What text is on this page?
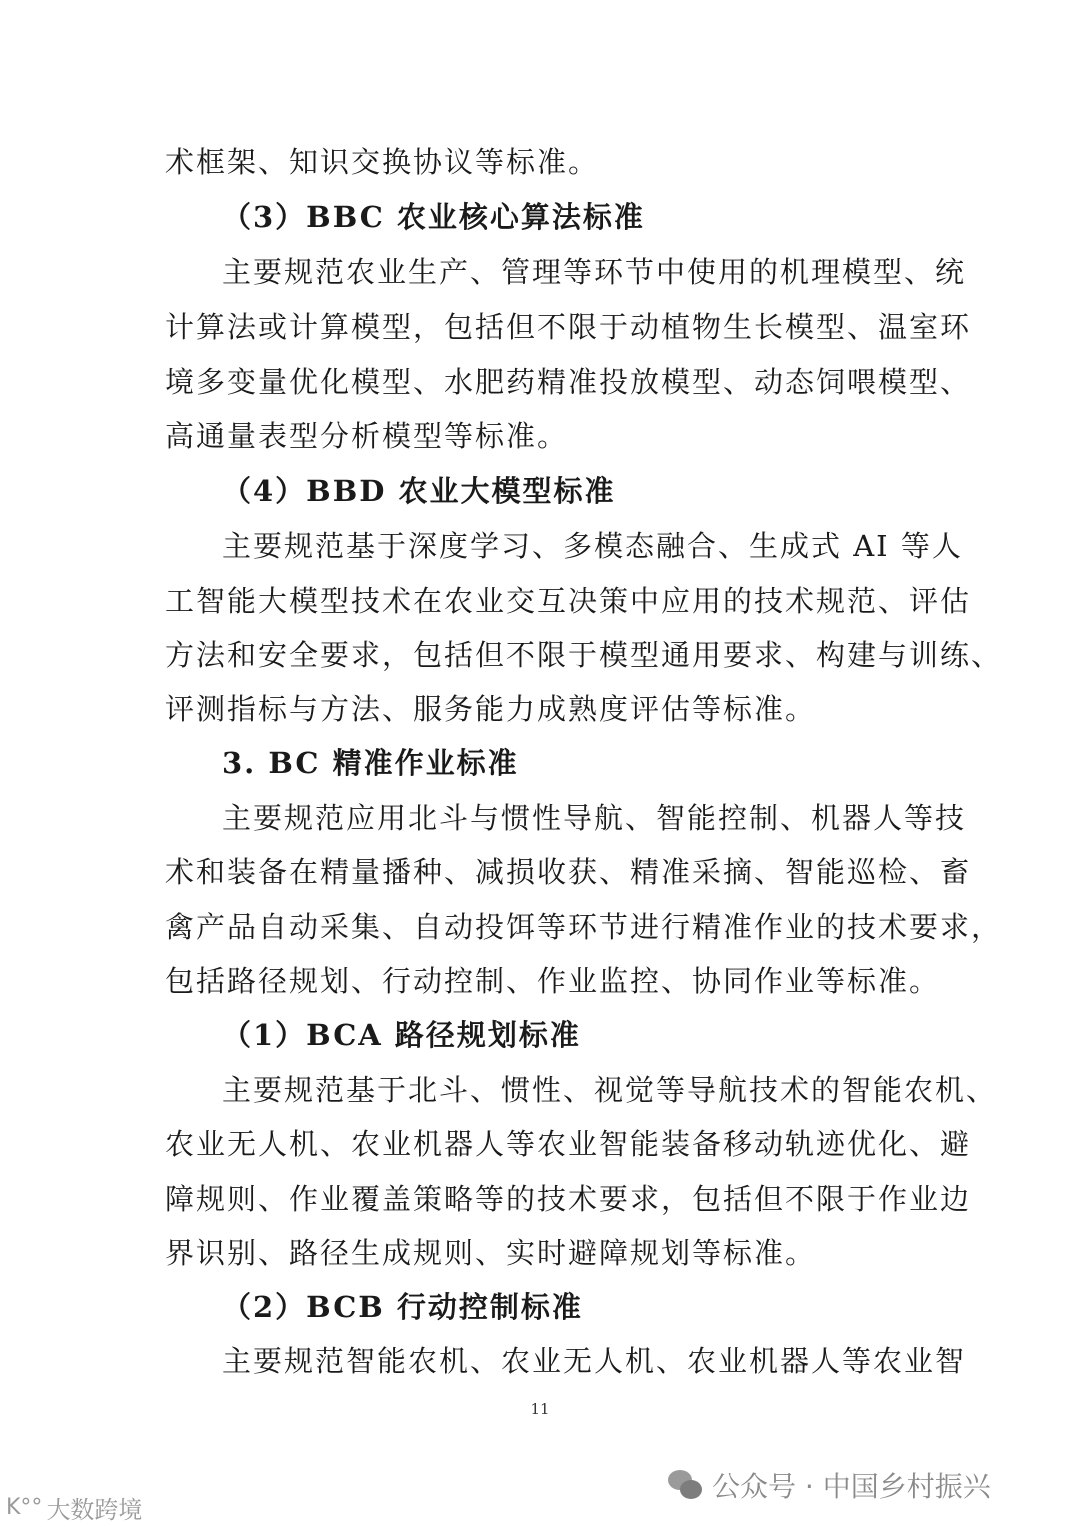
术框架、知识交换协议等标准。
（3）BBC 农业核心算法标准
主要规范农业生产、管理等环节中使用的机理模型、统
计算法或计算模型，包括但不限于动植物生长模型、温室环
境多变量优化模型、水肥药精准投放模型、动态饲喂模型、
高通量表型分析模型等标准。
（4）BBD 农业大模型标准
主要规范基于深度学习、多模态融合、生成式 AI 等人
工智能大模型技术在农业交互决策中应用的技术规范、评估
方法和安全要求，包括但不限于模型通用要求、构建与训练、
评测指标与方法、服务能力成熟度评估等标准。
3. BC 精准作业标准
主要规范应用北斗与惯性导航、智能控制、机器人等技
术和装备在精量播种、减损收获、精准采摘、智能巡检、畜
禽产品自动采集、自动投饵等环节进行精准作业的技术要求，
包括路径规划、行动控制、作业监控、协同作业等标准。
（1）BCA 路径规划标准
主要规范基于北斗、惯性、视觉等导航技术的智能农机、
农业无人机、农业机器人等农业智能装备移动轨迹优化、避
障规则、作业覆盖策略等的技术要求，包括但不限于作业边
界识别、路径生成规则、实时避障规划等标准。
（2）BCB 行动控制标准
主要规范智能农机、农业无人机、农业机器人等农业智
11
公众号 · 中国乡村振兴
K°° 大数跨境
